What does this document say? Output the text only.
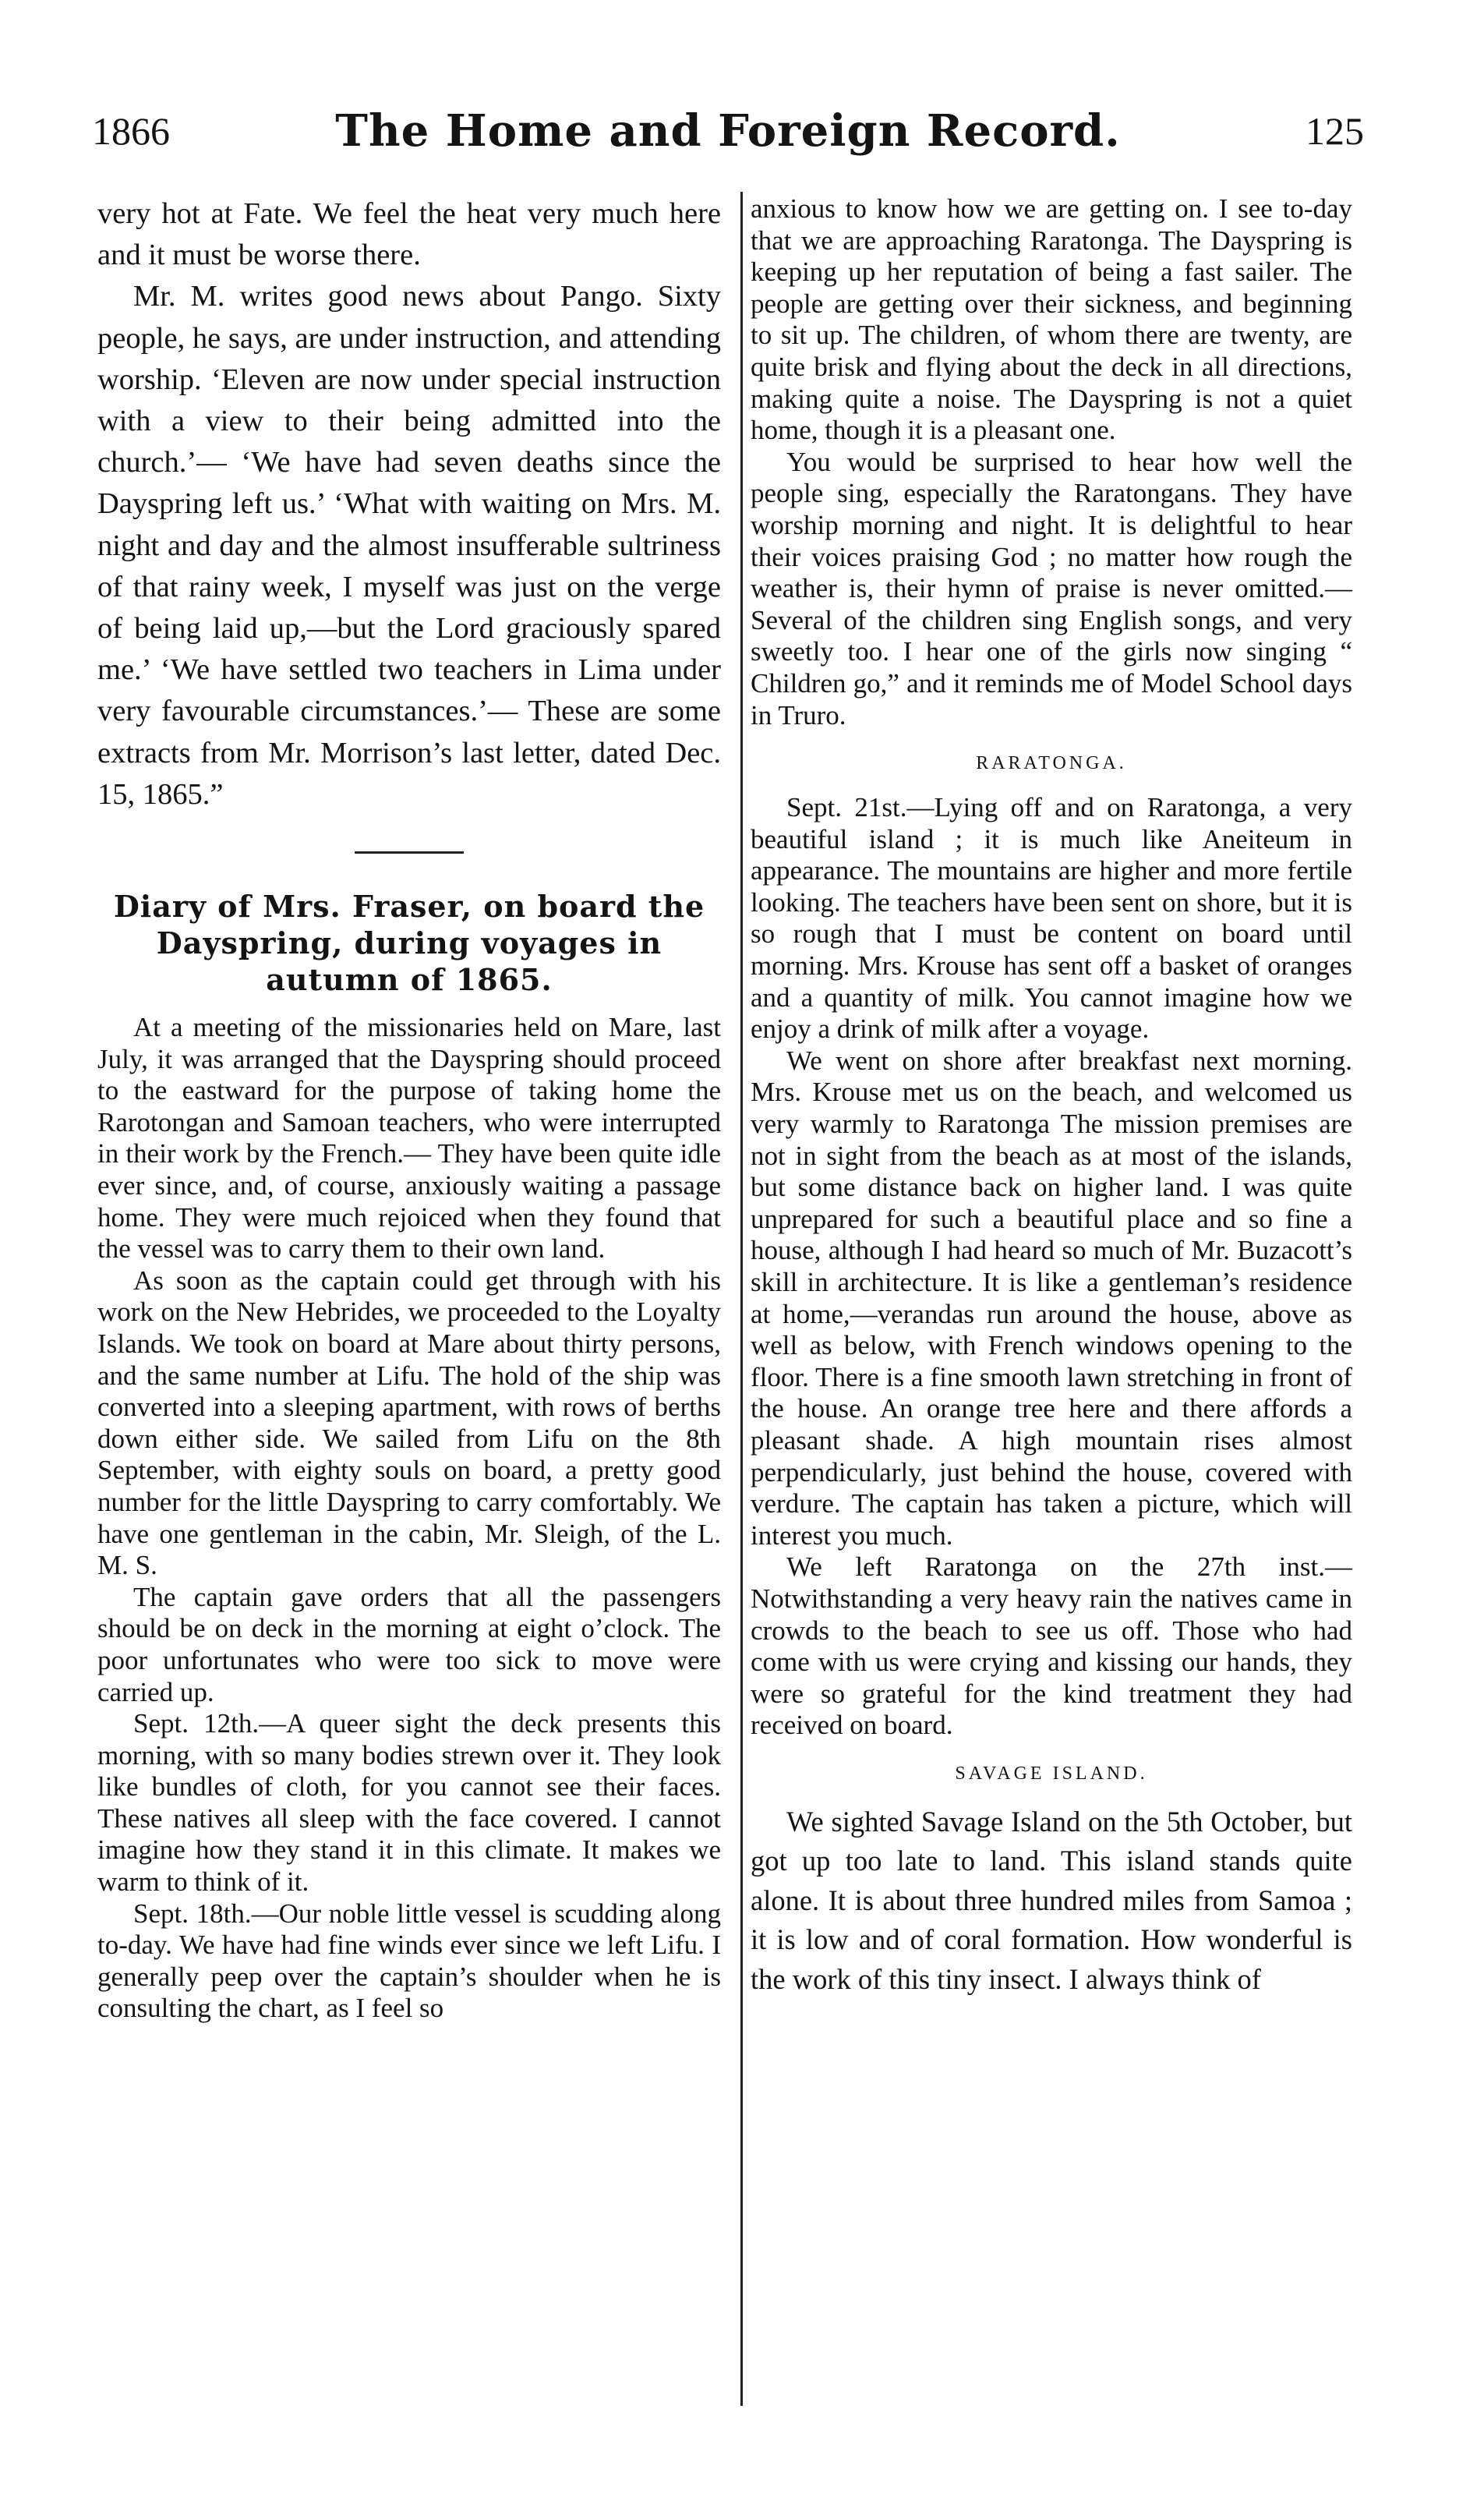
1866	The Home and Foreign Record.	125

very hot at Fate. We feel the heat very much here and it must be worse there.

Mr. M. writes good news about Pango. Sixty people, he says, are under instruction, and attending worship. ‘Eleven are now under special instruction with a view to their being admitted into the church.’— ‘We have had seven deaths since the Dayspring left us.’ ‘What with waiting on Mrs. M. night and day and the almost insufferable sultriness of that rainy week, I myself was just on the verge of being laid up,—but the Lord graciously spared me.’ ‘We have settled two teachers in Lima under very favourable circumstances.’— These are some extracts from Mr. Morrison’s last letter, dated Dec. 15, 1865.”

Diary of Mrs. Fraser, on board the Dayspring, during voyages in autumn of 1865.

At a meeting of the missionaries held on Mare, last July, it was arranged that the Dayspring should proceed to the eastward for the purpose of taking home the Rarotongan and Samoan teachers, who were interrupted in their work by the French.— They have been quite idle ever since, and, of course, anxiously waiting a passage home. They were much rejoiced when they found that the vessel was to carry them to their own land.

As soon as the captain could get through with his work on the New Hebrides, we proceeded to the Loyalty Islands. We took on board at Mare about thirty persons, and the same number at Lifu. The hold of the ship was converted into a sleeping apartment, with rows of berths down either side. We sailed from Lifu on the 8th September, with eighty souls on board, a pretty good number for the little Dayspring to carry comfortably. We have one gentleman in the cabin, Mr. Sleigh, of the L. M. S.

The captain gave orders that all the passengers should be on deck in the morning at eight o’clock. The poor unfortunates who were too sick to move were carried up.

Sept. 12th.—A queer sight the deck presents this morning, with so many bodies strewn over it. They look like bundles of cloth, for you cannot see their faces. These natives all sleep with the face covered. I cannot imagine how they stand it in this climate. It makes we warm to think of it.

Sept. 18th.—Our noble little vessel is scudding along to-day. We have had fine winds ever since we left Lifu. I generally peep over the captain’s shoulder when he is consulting the chart, as I feel so

anxious to know how we are getting on. I see to-day that we are approaching Raratonga. The Dayspring is keeping up her reputation of being a fast sailer. The people are getting over their sickness, and beginning to sit up. The children, of whom there are twenty, are quite brisk and flying about the deck in all directions, making quite a noise. The Dayspring is not a quiet home, though it is a pleasant one.

You would be surprised to hear how well the people sing, especially the Raratongans. They have worship morning and night. It is delightful to hear their voices praising God ; no matter how rough the weather is, their hymn of praise is never omitted.— Several of the children sing English songs, and very sweetly too. I hear one of the girls now singing “ Children go,” and it reminds me of Model School days in Truro.

RARATONGA.

Sept. 21st.—Lying off and on Raratonga, a very beautiful island ; it is much like Aneiteum in appearance. The mountains are higher and more fertile looking. The teachers have been sent on shore, but it is so rough that I must be content on board until morning. Mrs. Krouse has sent off a basket of oranges and a quantity of milk. You cannot imagine how we enjoy a drink of milk after a voyage.

We went on shore after breakfast next morning. Mrs. Krouse met us on the beach, and welcomed us very warmly to Raratonga The mission premises are not in sight from the beach as at most of the islands, but some distance back on higher land. I was quite unprepared for such a beautiful place and so fine a house, although I had heard so much of Mr. Buzacott’s skill in architecture. It is like a gentleman’s residence at home,—verandas run around the house, above as well as below, with French windows opening to the floor. There is a fine smooth lawn stretching in front of the house. An orange tree here and there affords a pleasant shade. A high mountain rises almost perpendicularly, just behind the house, covered with verdure. The captain has taken a picture, which will interest you much.

We left Raratonga on the 27th inst.— Notwithstanding a very heavy rain the natives came in crowds to the beach to see us off. Those who had come with us were crying and kissing our hands, they were so grateful for the kind treatment they had received on board.

SAVAGE ISLAND.

We sighted Savage Island on the 5th October, but got up too late to land. This island stands quite alone. It is about three hundred miles from Samoa ; it is low and of coral formation. How wonderful is the work of this tiny insect. I always think of
